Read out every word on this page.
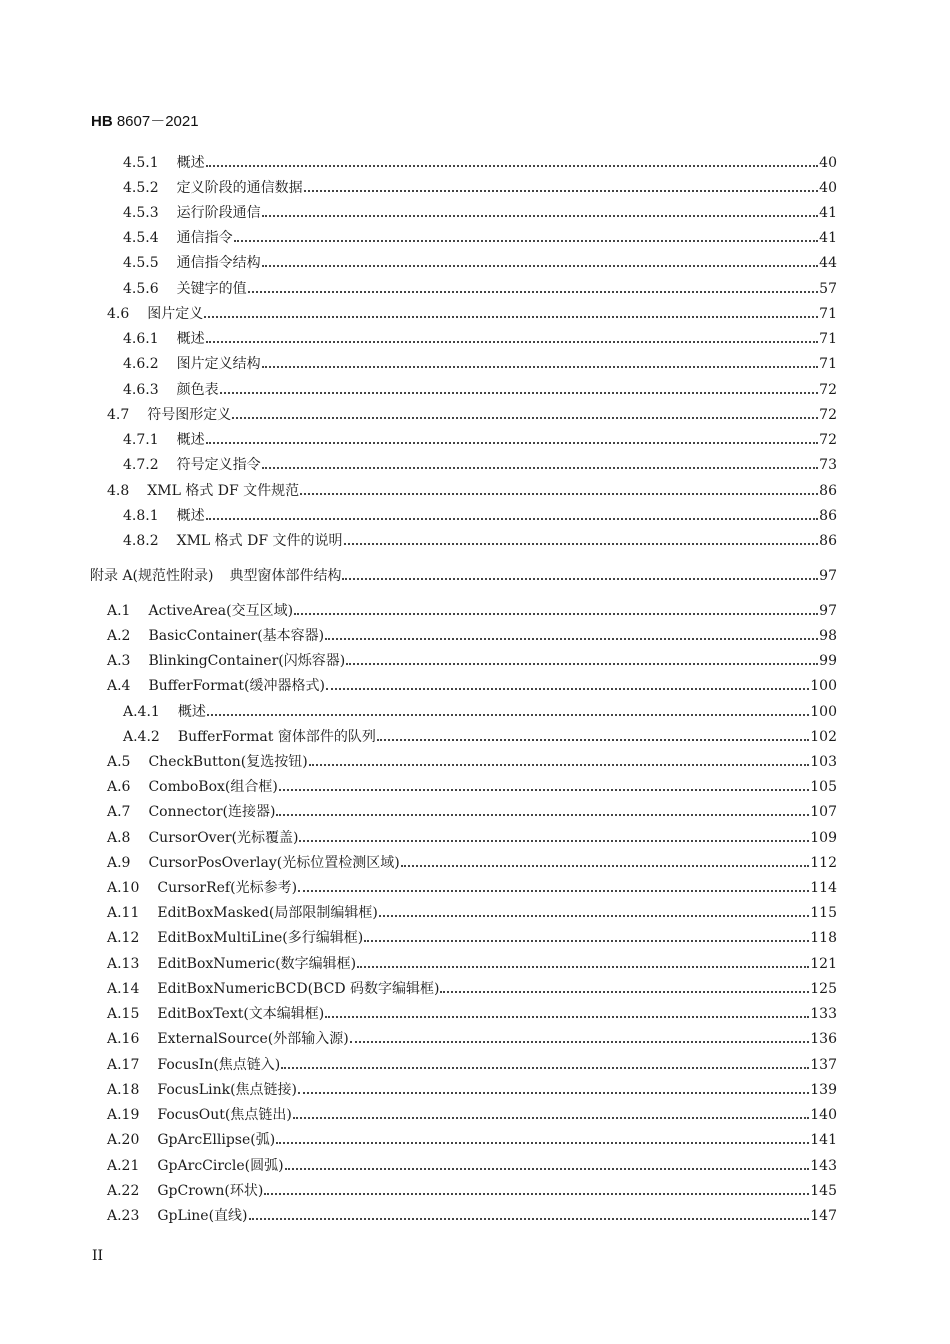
HB 8607－2021
4.5.1 概述	40
4.5.2 定义阶段的通信数据	40
4.5.3 运行阶段通信	41
4.5.4 通信指令	41
4.5.5 通信指令结构	44
4.5.6 关键字的值	57
4.6 图片定义	71
4.6.1 概述	71
4.6.2 图片定义结构	71
4.6.3 颜色表	72
4.7 符号图形定义	72
4.7.1 概述	72
4.7.2 符号定义指令	73
4.8 XML 格式 DF 文件规范	86
4.8.1 概述	86
4.8.2 XML 格式 DF 文件的说明	86
附录 A(规范性附录) 典型窗体部件结构	97
A.1 ActiveArea(交互区域)	97
A.2 BasicContainer(基本容器)	98
A.3 BlinkingContainer(闪烁容器)	99
A.4 BufferFormat(缓冲器格式)	100
A.4.1 概述	100
A.4.2 BufferFormat 窗体部件的队列	102
A.5 CheckButton(复选按钮)	103
A.6 ComboBox(组合框)	105
A.7 Connector(连接器)	107
A.8 CursorOver(光标覆盖)	109
A.9 CursorPosOverlay(光标位置检测区域)	112
A.10 CursorRef(光标参考)	114
A.11 EditBoxMasked(局部限制编辑框)	115
A.12 EditBoxMultiLine(多行编辑框)	118
A.13 EditBoxNumeric(数字编辑框)	121
A.14 EditBoxNumericBCD(BCD 码数字编辑框)	125
A.15 EditBoxText(文本编辑框)	133
A.16 ExternalSource(外部输入源)	136
A.17 FocusIn(焦点链入)	137
A.18 FocusLink(焦点链接)	139
A.19 FocusOut(焦点链出)	140
A.20 GpArcEllipse(弧)	141
A.21 GpArcCircle(圆弧)	143
A.22 GpCrown(环状)	145
A.23 GpLine(直线)	147
II
